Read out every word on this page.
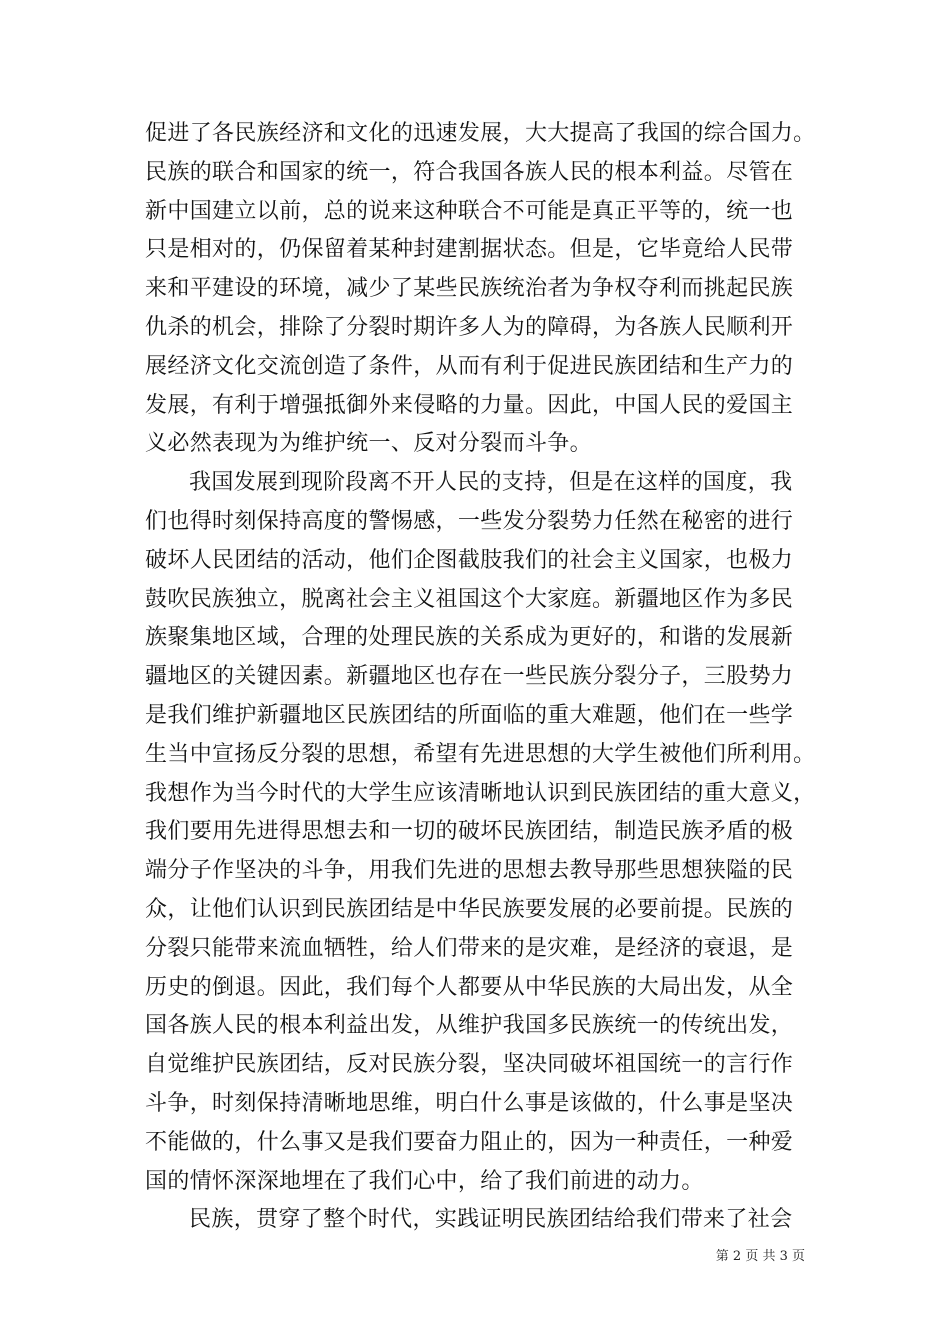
促进了各民族经济和文化的迅速发展，大大提高了我国的综合国力。
民族的联合和国家的统一，符合我国各族人民的根本利益。尽管在
新中国建立以前，总的说来这种联合不可能是真正平等的，统一也
只是相对的，仍保留着某种封建割据状态。但是，它毕竟给人民带
来和平建设的环境，减少了某些民族统治者为争权夺利而挑起民族
仇杀的机会，排除了分裂时期许多人为的障碍，为各族人民顺利开
展经济文化交流创造了条件，从而有利于促进民族团结和生产力的
发展，有利于增强抵御外来侵略的力量。因此，中国人民的爱国主
义必然表现为为维护统一、反对分裂而斗争。
我国发展到现阶段离不开人民的支持，但是在这样的国度，我
们也得时刻保持高度的警惕感，一些发分裂势力任然在秘密的进行
破坏人民团结的活动，他们企图截肢我们的社会主义国家，也极力
鼓吹民族独立，脱离社会主义祖国这个大家庭。新疆地区作为多民
族聚集地区域，合理的处理民族的关系成为更好的，和谐的发展新
疆地区的关键因素。新疆地区也存在一些民族分裂分子，三股势力
是我们维护新疆地区民族团结的所面临的重大难题，他们在一些学
生当中宣扬反分裂的思想，希望有先进思想的大学生被他们所利用。
我想作为当今时代的大学生应该清晰地认识到民族团结的重大意义，
我们要用先进得思想去和一切的破坏民族团结，制造民族矛盾的极
端分子作坚决的斗争，用我们先进的思想去教导那些思想狭隘的民
众，让他们认识到民族团结是中华民族要发展的必要前提。民族的
分裂只能带来流血牺牲，给人们带来的是灾难，是经济的衰退，是
历史的倒退。因此，我们每个人都要从中华民族的大局出发，从全
国各族人民的根本利益出发，从维护我国多民族统一的传统出发，
自觉维护民族团结，反对民族分裂，坚决同破坏祖国统一的言行作
斗争，时刻保持清晰地思维，明白什么事是该做的，什么事是坚决
不能做的，什么事又是我们要奋力阻止的，因为一种责任，一种爱
国的情怀深深地埋在了我们心中，给了我们前进的动力。
民族，贯穿了整个时代，实践证明民族团结给我们带来了社会
第 2 页 共 3 页
